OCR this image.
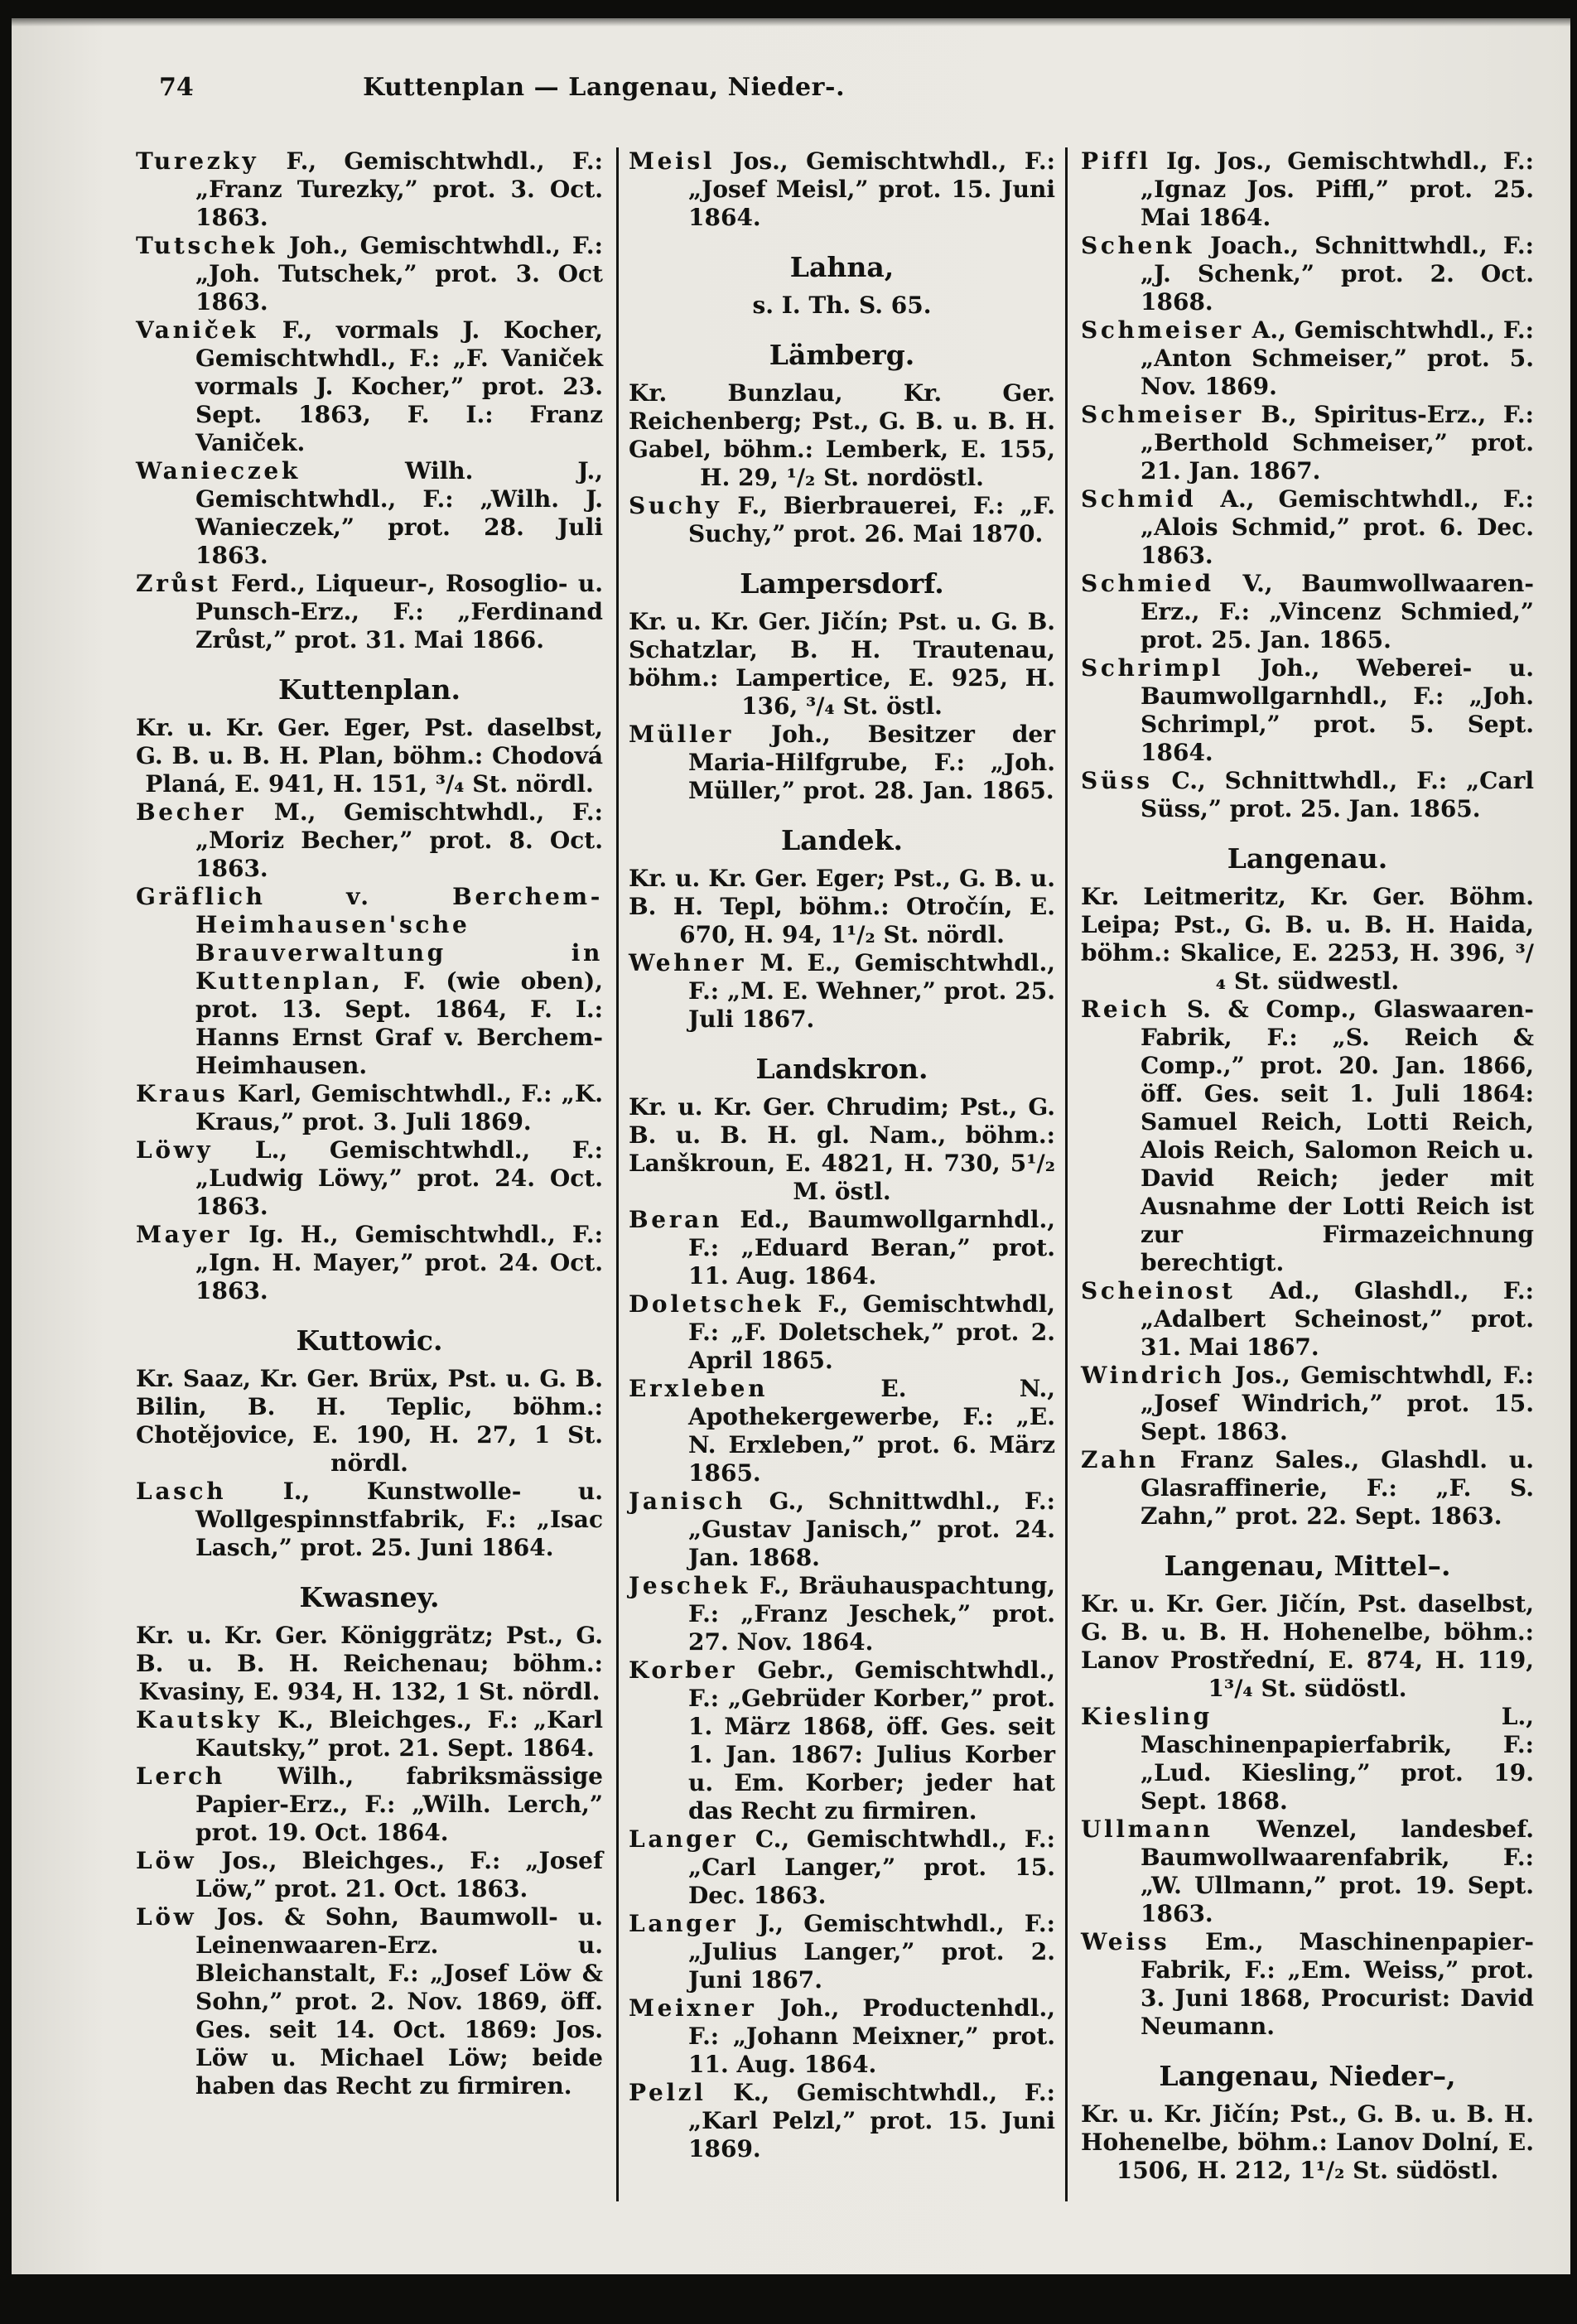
74	Kuttenplan — Langenau, Nieder-.

Turezky F., Gemischtwhdl., F.: „Franz Turezky,” prot. 3. Oct. 1863.

Tutschek Joh., Gemischtwhdl., F.: „Joh. Tutschek,” prot. 3. Oct 1863.

Vaniček F., vormals J. Kocher, Gemischtwhdl., F.: „F. Vaniček vormals J. Kocher,” prot. 23. Sept. 1863, F. I.: Franz Vaniček.

Wanieczek Wilh. J., Gemischtwhdl., F.: „Wilh. J. Wanieczek,” prot. 28. Juli 1863.

Zrůst Ferd., Liqueur-, Rosoglio- u. Punsch-Erz., F.: „Ferdinand Zrůst,” prot. 31. Mai 1866.

Kuttenplan.

Kr. u. Kr. Ger. Eger, Pst. daselbst, G. B. u. B. H. Plan, böhm.: Chodová Planá, E. 941, H. 151, ³/₄ St. nördl.

Becher M., Gemischtwhdl., F.: „Moriz Becher,” prot. 8. Oct. 1863.

Gräflich v. Berchem-Heimhausen'sche Brauverwaltung in Kuttenplan, F. (wie oben), prot. 13. Sept. 1864, F. I.: Hanns Ernst Graf v. Berchem-Heimhausen.

Kraus Karl, Gemischtwhdl., F.: „K. Kraus,” prot. 3. Juli 1869.

Löwy L., Gemischtwhdl., F.: „Ludwig Löwy,” prot. 24. Oct. 1863.

Mayer Ig. H., Gemischtwhdl., F.: „Ign. H. Mayer,” prot. 24. Oct. 1863.

Kuttowic.

Kr. Saaz, Kr. Ger. Brüx, Pst. u. G. B. Bilin, B. H. Teplic, böhm.: Chotějovice, E. 190, H. 27, 1 St. nördl.

Lasch I., Kunstwolle- u. Wollgespinnstfabrik, F.: „Isac Lasch,” prot. 25. Juni 1864.

Kwasney.

Kr. u. Kr. Ger. Königgrätz; Pst., G. B. u. B. H. Reichenau; böhm.: Kvasiny, E. 934, H. 132, 1 St. nördl.

Kautsky K., Bleichges., F.: „Karl Kautsky,” prot. 21. Sept. 1864.

Lerch Wilh., fabriksmässige Papier-Erz., F.: „Wilh. Lerch,” prot. 19. Oct. 1864.

Löw Jos., Bleichges., F.: „Josef Löw,” prot. 21. Oct. 1863.

Löw Jos. & Sohn, Baumwoll- u. Leinenwaaren-Erz. u. Bleichanstalt, F.: „Josef Löw & Sohn,” prot. 2. Nov. 1869, öff. Ges. seit 14. Oct. 1869: Jos. Löw u. Michael Löw; beide haben das Recht zu firmiren.

Meisl Jos., Gemischtwhdl., F.: „Josef Meisl,” prot. 15. Juni 1864.

Lahna,

s. I. Th. S. 65.

Lämberg.

Kr. Bunzlau, Kr. Ger. Reichenberg; Pst., G. B. u. B. H. Gabel, böhm.: Lemberk, E. 155, H. 29, ¹/₂ St. nordöstl.

Suchy F., Bierbrauerei, F.: „F. Suchy,” prot. 26. Mai 1870.

Lampersdorf.

Kr. u. Kr. Ger. Jičín; Pst. u. G. B. Schatzlar, B. H. Trautenau, böhm.: Lampertice, E. 925, H. 136, ³/₄ St. östl.

Müller Joh., Besitzer der Maria-Hilfgrube, F.: „Joh. Müller,” prot. 28. Jan. 1865.

Landek.

Kr. u. Kr. Ger. Eger; Pst., G. B. u. B. H. Tepl, böhm.: Otročín, E. 670, H. 94, 1¹/₂ St. nördl.

Wehner M. E., Gemischtwhdl., F.: „M. E. Wehner,” prot. 25. Juli 1867.

Landskron.

Kr. u. Kr. Ger. Chrudim; Pst., G. B. u. B. H. gl. Nam., böhm.: Lanškroun, E. 4821, H. 730, 5¹/₂ M. östl.

Beran Ed., Baumwollgarnhdl., F.: „Eduard Beran,” prot. 11. Aug. 1864.

Doletschek F., Gemischtwhdl, F.: „F. Doletschek,” prot. 2. April 1865.

Erxleben E. N., Apothekergewerbe, F.: „E. N. Erxleben,” prot. 6. März 1865.

Janisch G., Schnittwdhl., F.: „Gustav Janisch,” prot. 24. Jan. 1868.

Jeschek F., Bräuhauspachtung, F.: „Franz Jeschek,” prot. 27. Nov. 1864.

Korber Gebr., Gemischtwhdl., F.: „Gebrüder Korber,” prot. 1. März 1868, öff. Ges. seit 1. Jan. 1867: Julius Korber u. Em. Korber; jeder hat das Recht zu firmiren.

Langer C., Gemischtwhdl., F.: „Carl Langer,” prot. 15. Dec. 1863.

Langer J., Gemischtwhdl., F.: „Julius Langer,” prot. 2. Juni 1867.

Meixner Joh., Productenhdl., F.: „Johann Meixner,” prot. 11. Aug. 1864.

Pelzl K., Gemischtwhdl., F.: „Karl Pelzl,” prot. 15. Juni 1869.

Piffl Ig. Jos., Gemischtwhdl., F.: „Ignaz Jos. Piffl,” prot. 25. Mai 1864.

Schenk Joach., Schnittwhdl., F.: „J. Schenk,” prot. 2. Oct. 1868.

Schmeiser A., Gemischtwhdl., F.: „Anton Schmeiser,” prot. 5. Nov. 1869.

Schmeiser B., Spiritus-Erz., F.: „Berthold Schmeiser,” prot. 21. Jan. 1867.

Schmid A., Gemischtwhdl., F.: „Alois Schmid,” prot. 6. Dec. 1863.

Schmied V., Baumwollwaaren-Erz., F.: „Vincenz Schmied,” prot. 25. Jan. 1865.

Schrimpl Joh., Weberei- u. Baumwollgarnhdl., F.: „Joh. Schrimpl,” prot. 5. Sept. 1864.

Süss C., Schnittwhdl., F.: „Carl Süss,” prot. 25. Jan. 1865.

Langenau.

Kr. Leitmeritz, Kr. Ger. Böhm. Leipa; Pst., G. B. u. B. H. Haida, böhm.: Skalice, E. 2253, H. 396, ³/₄ St. südwestl.

Reich S. & Comp., Glaswaaren-Fabrik, F.: „S. Reich & Comp.,” prot. 20. Jan. 1866, öff. Ges. seit 1. Juli 1864: Samuel Reich, Lotti Reich, Alois Reich, Salomon Reich u. David Reich; jeder mit Ausnahme der Lotti Reich ist zur Firmazeichnung berechtigt.

Scheinost Ad., Glashdl., F.: „Adalbert Scheinost,” prot. 31. Mai 1867.

Windrich Jos., Gemischtwhdl, F.: „Josef Windrich,” prot. 15. Sept. 1863.

Zahn Franz Sales., Glashdl. u. Glasraffinerie, F.: „F. S. Zahn,” prot. 22. Sept. 1863.

Langenau, Mittel–.

Kr. u. Kr. Ger. Jičín, Pst. daselbst, G. B. u. B. H. Hohenelbe, böhm.: Lanov Prostřední, E. 874, H. 119, 1³/₄ St. südöstl.

Kiesling L., Maschinenpapierfabrik, F.: „Lud. Kiesling,” prot. 19. Sept. 1868.

Ullmann Wenzel, landesbef. Baumwollwaarenfabrik, F.: „W. Ullmann,” prot. 19. Sept. 1863.

Weiss Em., Maschinenpapier-Fabrik, F.: „Em. Weiss,” prot. 3. Juni 1868, Procurist: David Neumann.

Langenau, Nieder–,

Kr. u. Kr. Jičín; Pst., G. B. u. B. H. Hohenelbe, böhm.: Lanov Dolní, E. 1506, H. 212, 1¹/₂ St. südöstl.
